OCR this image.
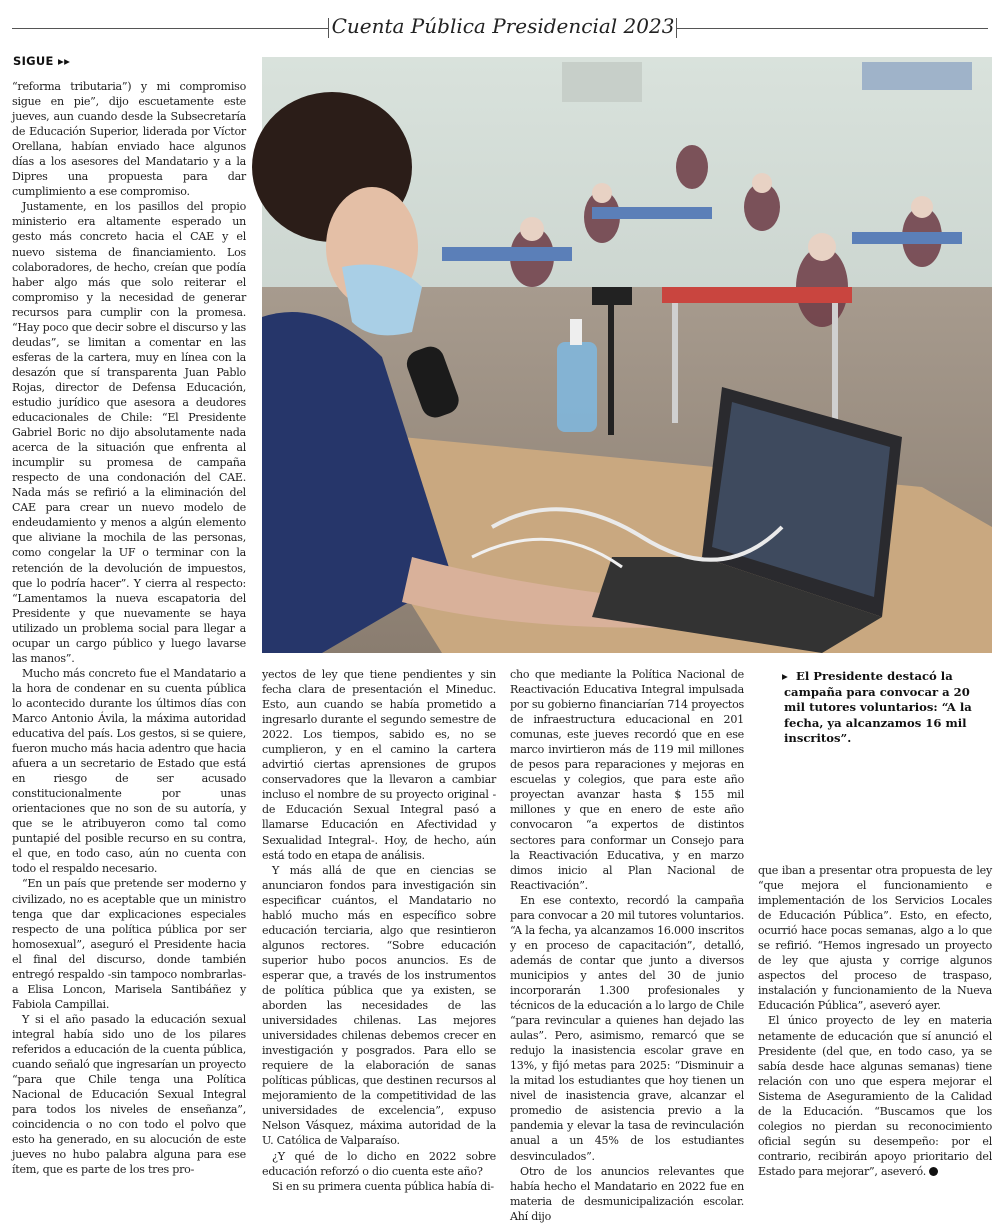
Cuenta Pública Presidencial 2023
SIGUE ▸▸

“reforma tributaria”) y mi compromiso sigue en pie”, dijo escuetamente este jueves, aun cuando desde la Subsecretaría de Educación Superior, liderada por Víctor Orellana, habían enviado hace algunos días a los asesores del Mandatario y a la Dipres una propuesta para dar cumplimiento a ese compromiso.

Justamente, en los pasillos del propio ministerio era altamente esperado un gesto más concreto hacia el CAE y el nuevo sistema de financiamiento. Los colaboradores, de hecho, creían que podía haber algo más que solo reiterar el compromiso y la necesidad de generar recursos para cumplir con la promesa. “Hay poco que decir sobre el discurso y las deudas”, se limitan a comentar en las esferas de la cartera, muy en línea con la desazón que sí transparenta Juan Pablo Rojas, director de Defensa Educación, estudio jurídico que asesora a deudores educacionales de Chile: “El Presidente Gabriel Boric no dijo absolutamente nada acerca de la situación que enfrenta al incumplir su promesa de campaña respecto de una condonación del CAE. Nada más se refirió a la eliminación del CAE para crear un nuevo modelo de endeudamiento y menos a algún elemento que aliviane la mochila de las personas, como congelar la UF o terminar con la retención de la devolución de impuestos, que lo podría hacer”. Y cierra al respecto: “Lamentamos la nueva escapatoria del Presidente y que nuevamente se haya utilizado un problema social para llegar a ocupar un cargo público y luego lavarse las manos”.

Mucho más concreto fue el Mandatario a la hora de condenar en su cuenta pública lo acontecido durante los últimos días con Marco Antonio Ávila, la máxima autoridad educativa del país. Los gestos, si se quiere, fueron mucho más hacia adentro que hacia afuera a un secretario de Estado que está en riesgo de ser acusado constitucionalmente por unas orientaciones que no son de su autoría, y que se le atribuyeron como tal como puntapié del posible recurso en su contra, el que, en todo caso, aún no cuenta con todo el respaldo necesario.

“En un país que pretende ser moderno y civilizado, no es aceptable que un ministro tenga que dar explicaciones especiales respecto de una política pública por ser homosexual”, aseguró el Presidente hacia el final del discurso, donde también entregó respaldo -sin tampoco nombrarlas- a Elisa Loncon, Marisela Santibáñez y Fabiola Campillai.

Y si el año pasado la educación sexual integral había sido uno de los pilares referidos a educación de la cuenta pública, cuando señaló que ingresarían un proyecto “para que Chile tenga una Política Nacional de Educación Sexual Integral para todos los niveles de enseñanza”, coincidencia o no con todo el polvo que esto ha generado, en su alocución de este jueves no hubo palabra alguna para ese ítem, que es parte de los tres pro-

▸ El Presidente destacó la campaña para convocar a 20 mil tutores voluntarios: “A la fecha, ya alcanzamos 16 mil inscritos”.

yectos de ley que tiene pendientes y sin fecha clara de presentación el Mineduc. Esto, aun cuando se había prometido a ingresarlo durante el segundo semestre de 2022. Los tiempos, sabido es, no se cumplieron, y en el camino la cartera advirtió ciertas aprensiones de grupos conservadores que la llevaron a cambiar incluso el nombre de su proyecto original -de Educación Sexual Integral pasó a llamarse Educación en Afectividad y Sexualidad Integral-. Hoy, de hecho, aún está todo en etapa de análisis.

Y más allá de que en ciencias se anunciaron fondos para investigación sin especificar cuántos, el Mandatario no habló mucho más en específico sobre educación terciaria, algo que resintieron algunos rectores. “Sobre educación superior hubo pocos anuncios. Es de esperar que, a través de los instrumentos de política pública que ya existen, se aborden las necesidades de las universidades chilenas. Las mejores universidades chilenas debemos crecer en investigación y posgrados. Para ello se requiere de la elaboración de sanas políticas públicas, que destinen recursos al mejoramiento de la competitividad de las universidades de excelencia”, expuso Nelson Vásquez, máxima autoridad de la U. Católica de Valparaíso.

¿Y qué de lo dicho en 2022 sobre educación reforzó o dio cuenta este año?

Si en su primera cuenta pública había di-

cho que mediante la Política Nacional de Reactivación Educativa Integral impulsada por su gobierno financiarían 714 proyectos de infraestructura educacional en 201 comunas, este jueves recordó que en ese marco invirtieron más de 119 mil millones de pesos para reparaciones y mejoras en escuelas y colegios, que para este año proyectan avanzar hasta $ 155 mil millones y que en enero de este año convocaron “a expertos de distintos sectores para conformar un Consejo para la Reactivación Educativa, y en marzo dimos inicio al Plan Nacional de Reactivación”.

En ese contexto, recordó la campaña para convocar a 20 mil tutores voluntarios. “A la fecha, ya alcanzamos 16.000 inscritos y en proceso de capacitación”, detalló, además de contar que junto a diversos municipios y antes del 30 de junio incorporarán 1.300 profesionales y técnicos de la educación a lo largo de Chile “para revincular a quienes han dejado las aulas”. Pero, asimismo, remarcó que se redujo la inasistencia escolar grave en 13%, y fijó metas para 2025: “Disminuir a la mitad los estudiantes que hoy tienen un nivel de inasistencia grave, alcanzar el promedio de asistencia previo a la pandemia y elevar la tasa de revinculación anual a un 45% de los estudiantes desvinculados”.

Otro de los anuncios relevantes que había hecho el Mandatario en 2022 fue en materia de desmunicipalización escolar. Ahí dijo

que iban a presentar otra propuesta de ley “que mejora el funcionamiento e implementación de los Servicios Locales de Educación Pública”. Esto, en efecto, ocurrió hace pocas semanas, algo a lo que se refirió. “Hemos ingresado un proyecto de ley que ajusta y corrige algunos aspectos del proceso de traspaso, instalación y funcionamiento de la Nueva Educación Pública”, aseveró ayer.

El único proyecto de ley en materia netamente de educación que sí anunció el Presidente (del que, en todo caso, ya se sabía desde hace algunas semanas) tiene relación con uno que espera mejorar el Sistema de Aseguramiento de la Calidad de la Educación. “Buscamos que los colegios no pierdan su reconocimiento oficial según su desempeño: por el contrario, recibirán apoyo prioritario del Estado para mejorar”, aseveró.
